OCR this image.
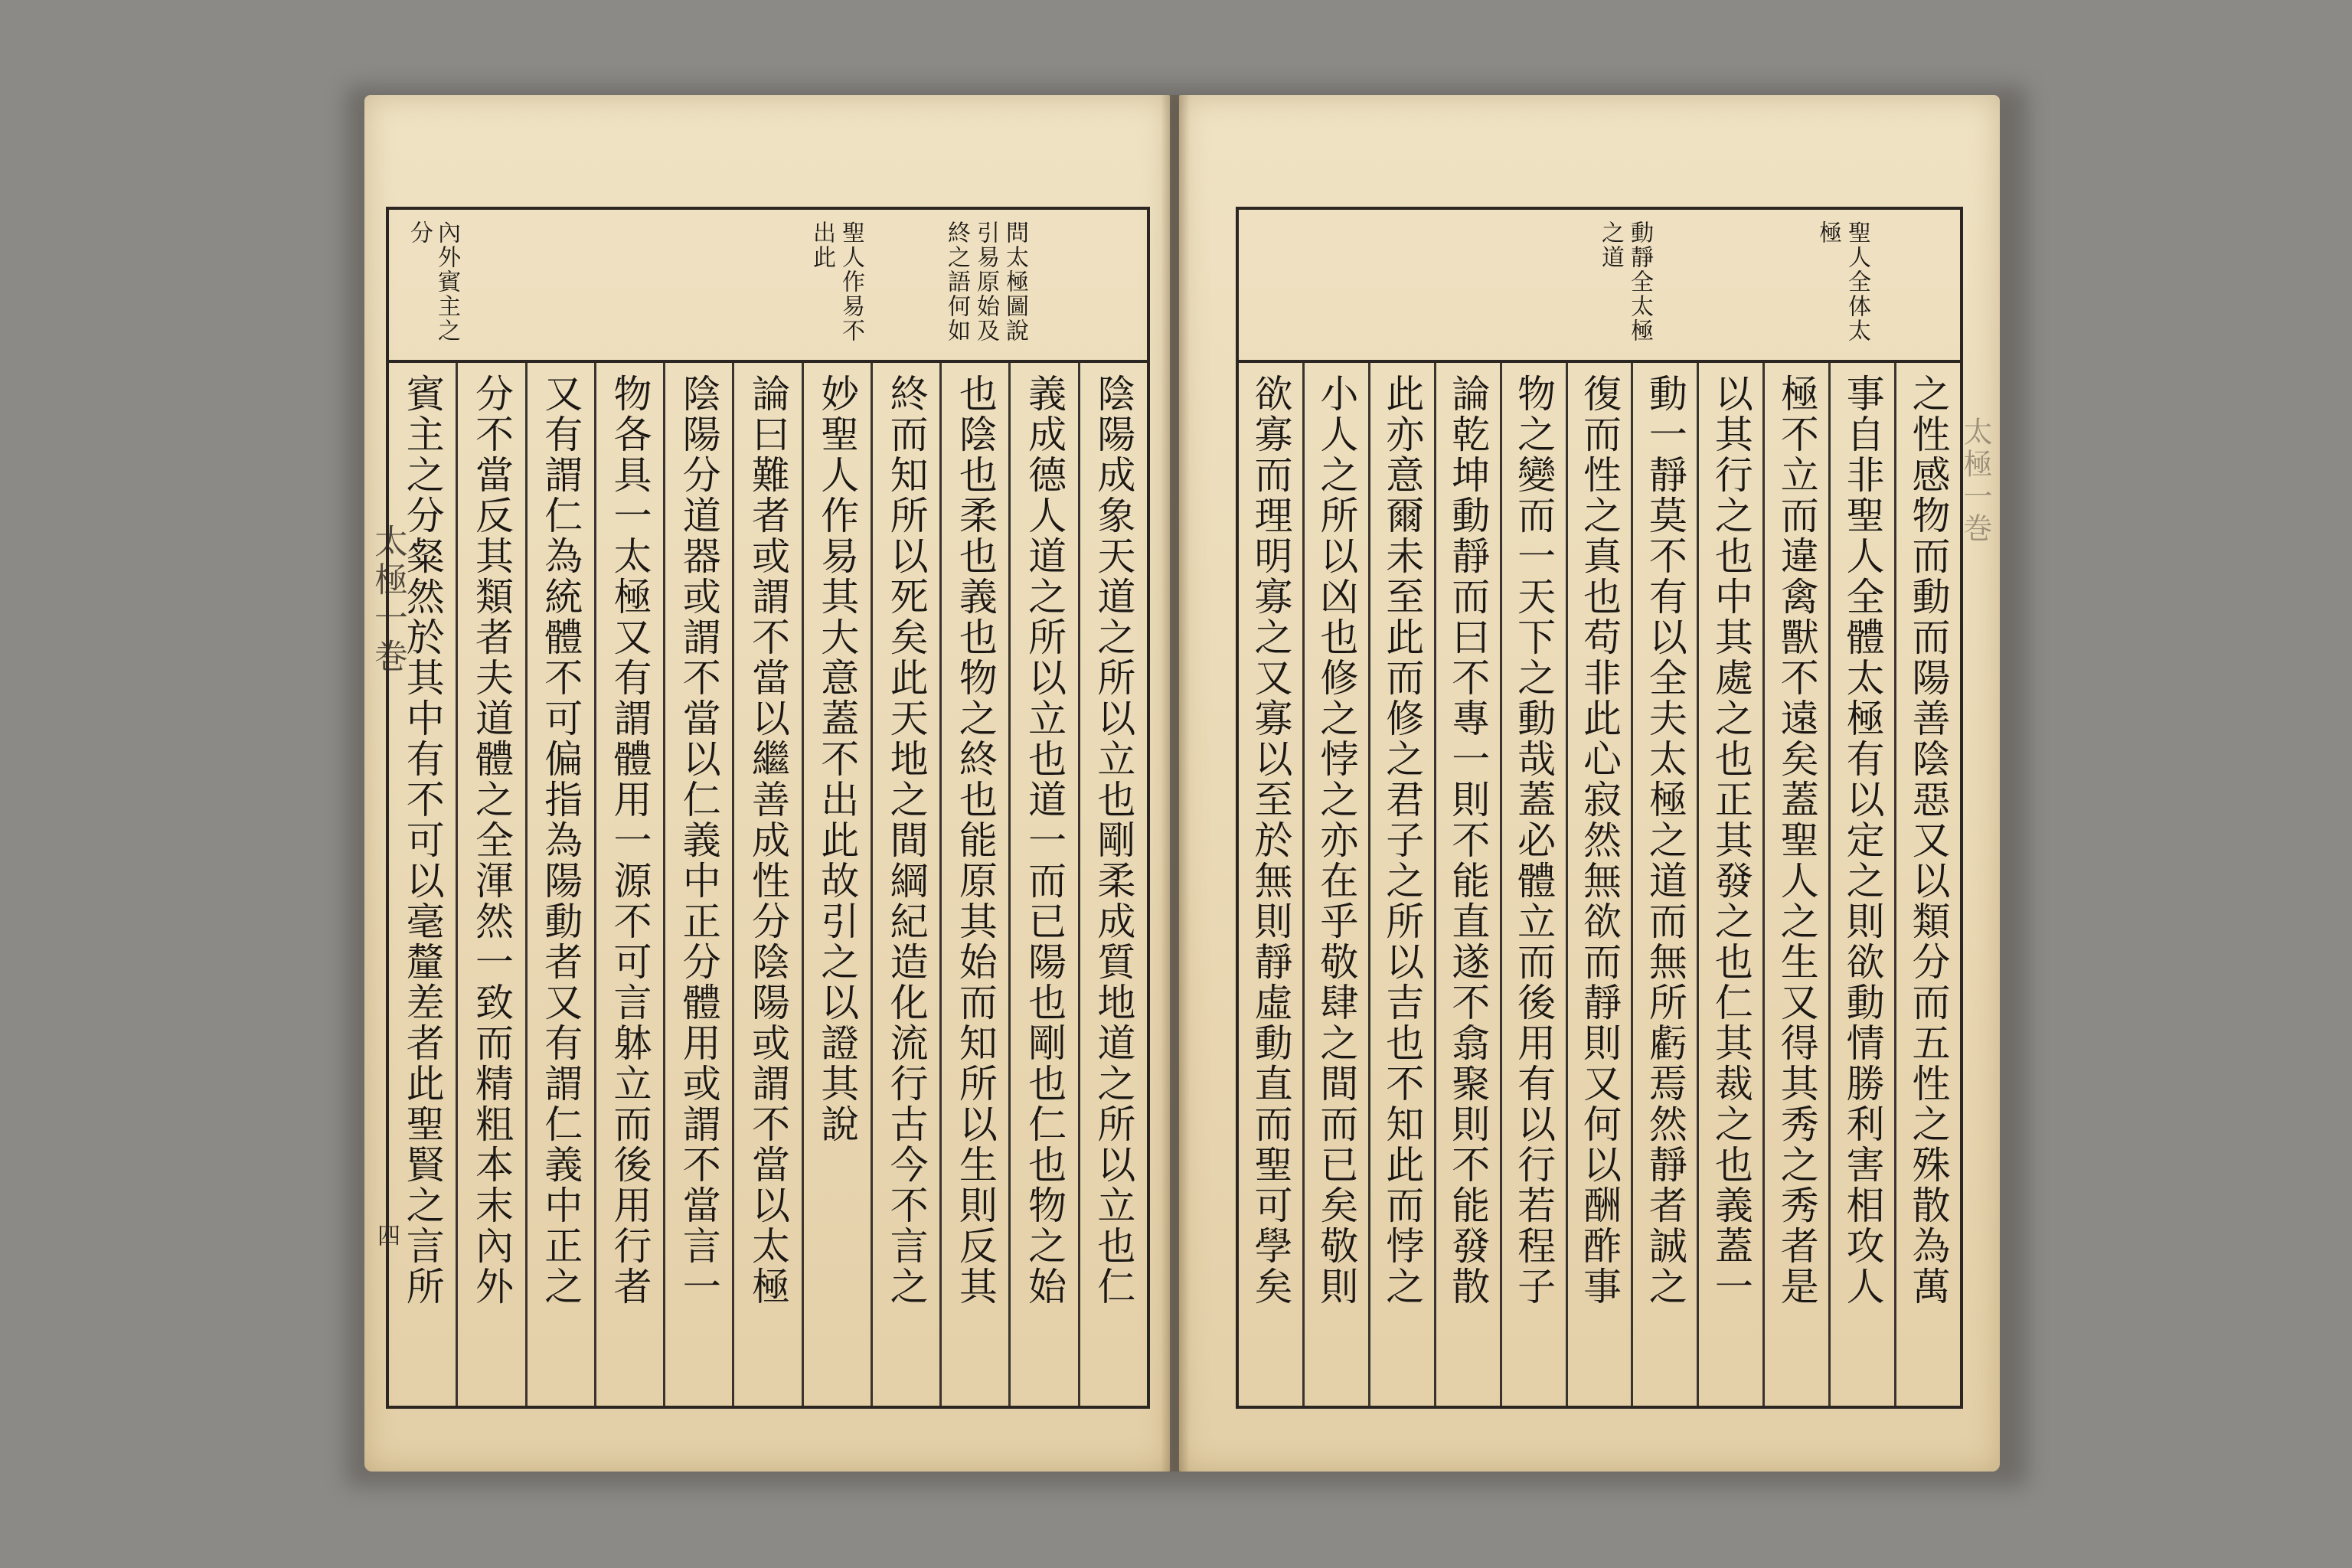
太極一巻
四
問太極圖說
引易原始及
終之語何如
聖人作易不
出此
內外賓主之
分
陰陽成象天道之所以立也剛柔成質地道之所以立也仁
義成德人道之所以立也道一而已陽也剛也仁也物之始
也陰也柔也義也物之終也能原其始而知所以生則反其
終而知所以死矣此天地之間綱紀造化流行古今不言之
妙聖人作易其大意蓋不出此故引之以證其說
論曰難者或謂不當以繼善成性分陰陽或謂不當以太極
陰陽分道器或謂不當以仁義中正分體用或謂不當言一
物各具一太極又有謂體用一源不可言躰立而後用行者
又有謂仁為統體不可偏指為陽動者又有謂仁義中正之
分不當反其類者夫道體之全渾然一致而精粗本末內外
賓主之分粲然於其中有不可以毫釐差者此聖賢之言所	太極一巻
聖人全体太
極
動靜全太極
之道
之性感物而動而陽善陰惡又以類分而五性之殊散為萬
事自非聖人全體太極有以定之則欲動情勝利害相攻人
極不立而違禽獸不遠矣蓋聖人之生又得其秀之秀者是
以其行之也中其處之也正其發之也仁其裁之也義蓋一
動一靜莫不有以全夫太極之道而無所虧焉然靜者誠之
復而性之真也苟非此心寂然無欲而靜則又何以酬酢事
物之變而一天下之動哉蓋必體立而後用有以行若程子
論乾坤動靜而曰不專一則不能直遂不翕聚則不能發散
此亦意爾未至此而修之君子之所以吉也不知此而悖之
小人之所以凶也修之悖之亦在乎敬肆之間而已矣敬則
欲寡而理明寡之又寡以至於無則靜虛動直而聖可學矣
